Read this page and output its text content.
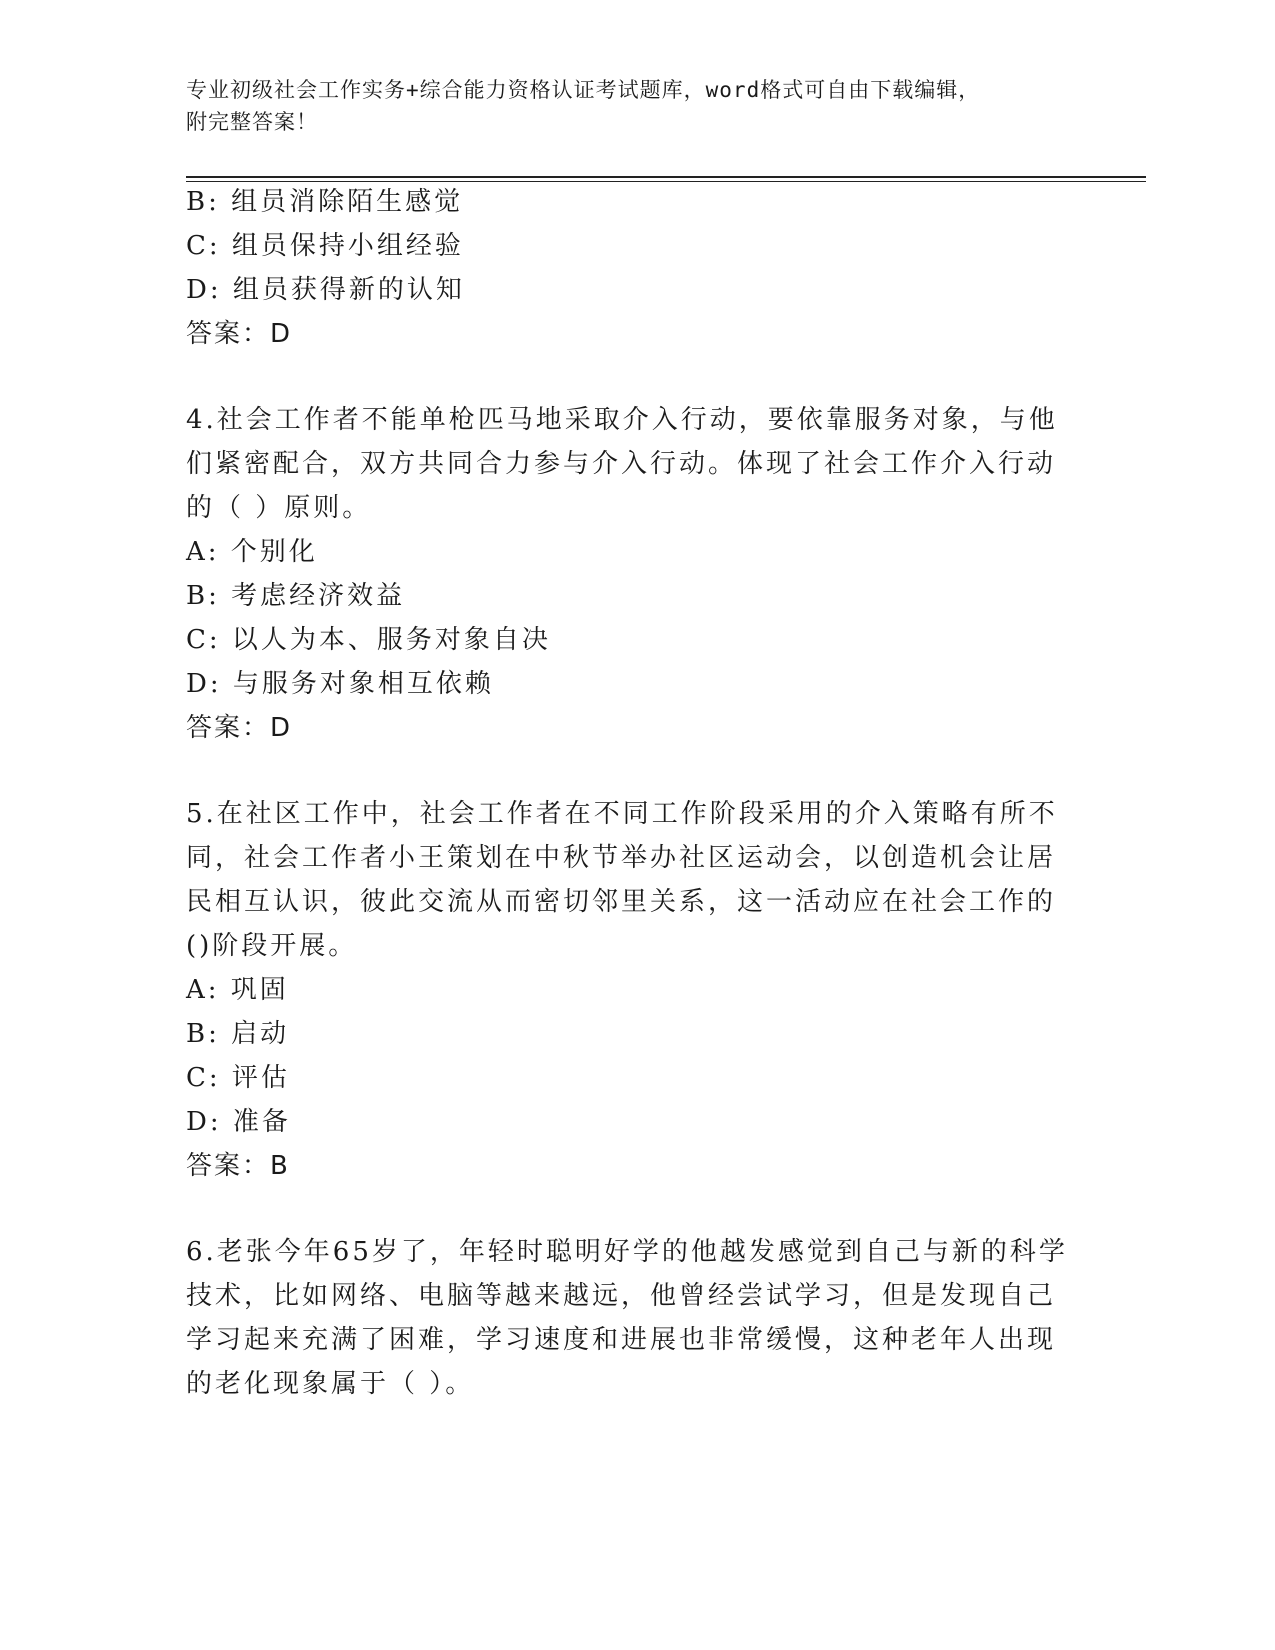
专业初级社会工作实务+综合能力资格认证考试题库，word格式可自由下载编辑，
附完整答案！
B: 组员消除陌生感觉
C: 组员保持小组经验
D: 组员获得新的认知
答案：D
4.社会工作者不能单枪匹马地采取介入行动，要依靠服务对象，与他
们紧密配合，双方共同合力参与介入行动。体现了社会工作介入行动
的（ ）原则。
A: 个别化
B: 考虑经济效益
C: 以人为本、服务对象自决
D: 与服务对象相互依赖
答案：D
5.在社区工作中，社会工作者在不同工作阶段采用的介入策略有所不
同，社会工作者小王策划在中秋节举办社区运动会，以创造机会让居
民相互认识，彼此交流从而密切邻里关系，这一活动应在社会工作的
()阶段开展。
A: 巩固
B: 启动
C: 评估
D: 准备
答案：B
6.老张今年65岁了，年轻时聪明好学的他越发感觉到自己与新的科学
技术，比如网络、电脑等越来越远，他曾经尝试学习，但是发现自己
学习起来充满了困难，学习速度和进展也非常缓慢，这种老年人出现
的老化现象属于（ ）。
